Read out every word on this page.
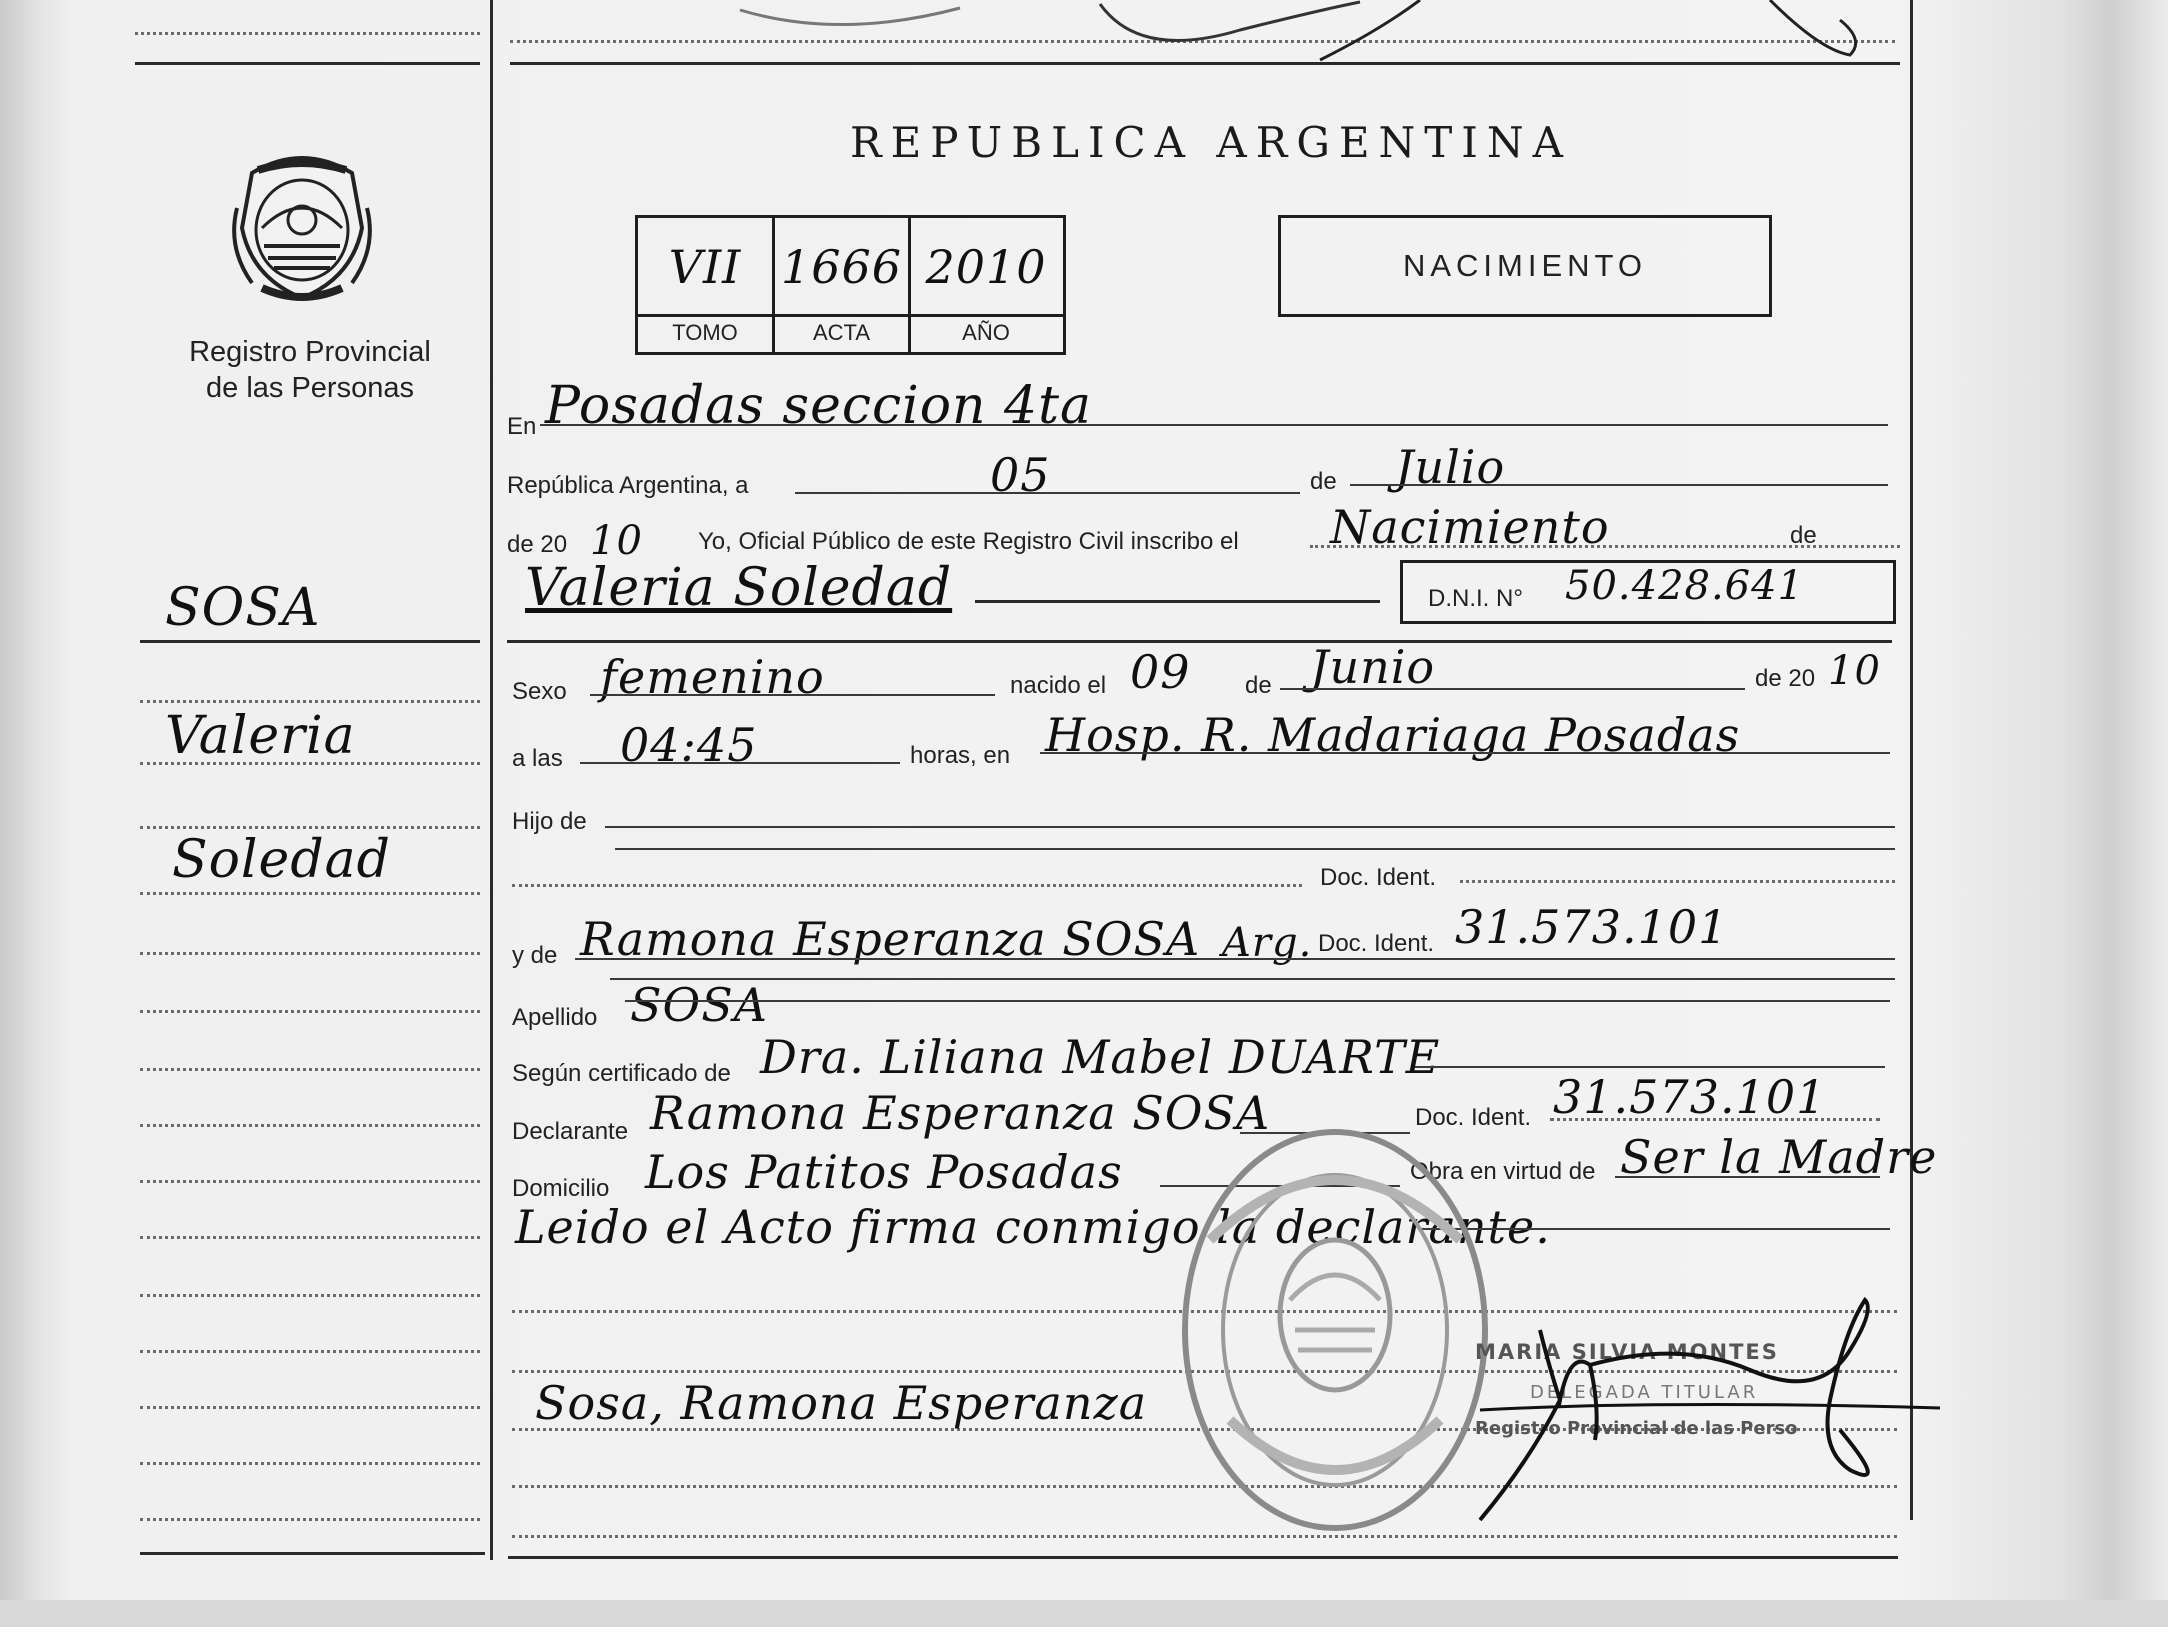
Registro Provincial
de las Personas
SOSA
Valeria
Soledad
REPUBLICA ARGENTINA
VII 1666 2010
TOMO	ACTA	AÑO
NACIMIENTO
En Posadas seccion 4ta
República Argentina, a	05	de Julio
de 20 10 Yo, Oficial Público de este Registro Civil inscribo el Nacimiento	de
Valeria Soledad	D.N.I. N° 50.428.641
Sexo femenino	nacido el 09 de Junio	de 20 10
a las 04:45	horas, en Hosp. R. Madariaga Posadas
Hijo de
Doc. Ident.
y de Ramona Esperanza SOSA Arg. Doc. Ident. 31.573.101
Apellido SOSA
Según certificado de Dra. Liliana Mabel DUARTE
Declarante Ramona Esperanza SOSA	Doc. Ident. 31.573.101
Domicilio Los Patitos Posadas	Obra en virtud de Ser la Madre
Leido el Acto firma conmigo la declarante.
Sosa, Ramona Esperanza
MARIA SILVIA MONTES
DELEGADA TITULAR
Registro Provincial de las Perso
